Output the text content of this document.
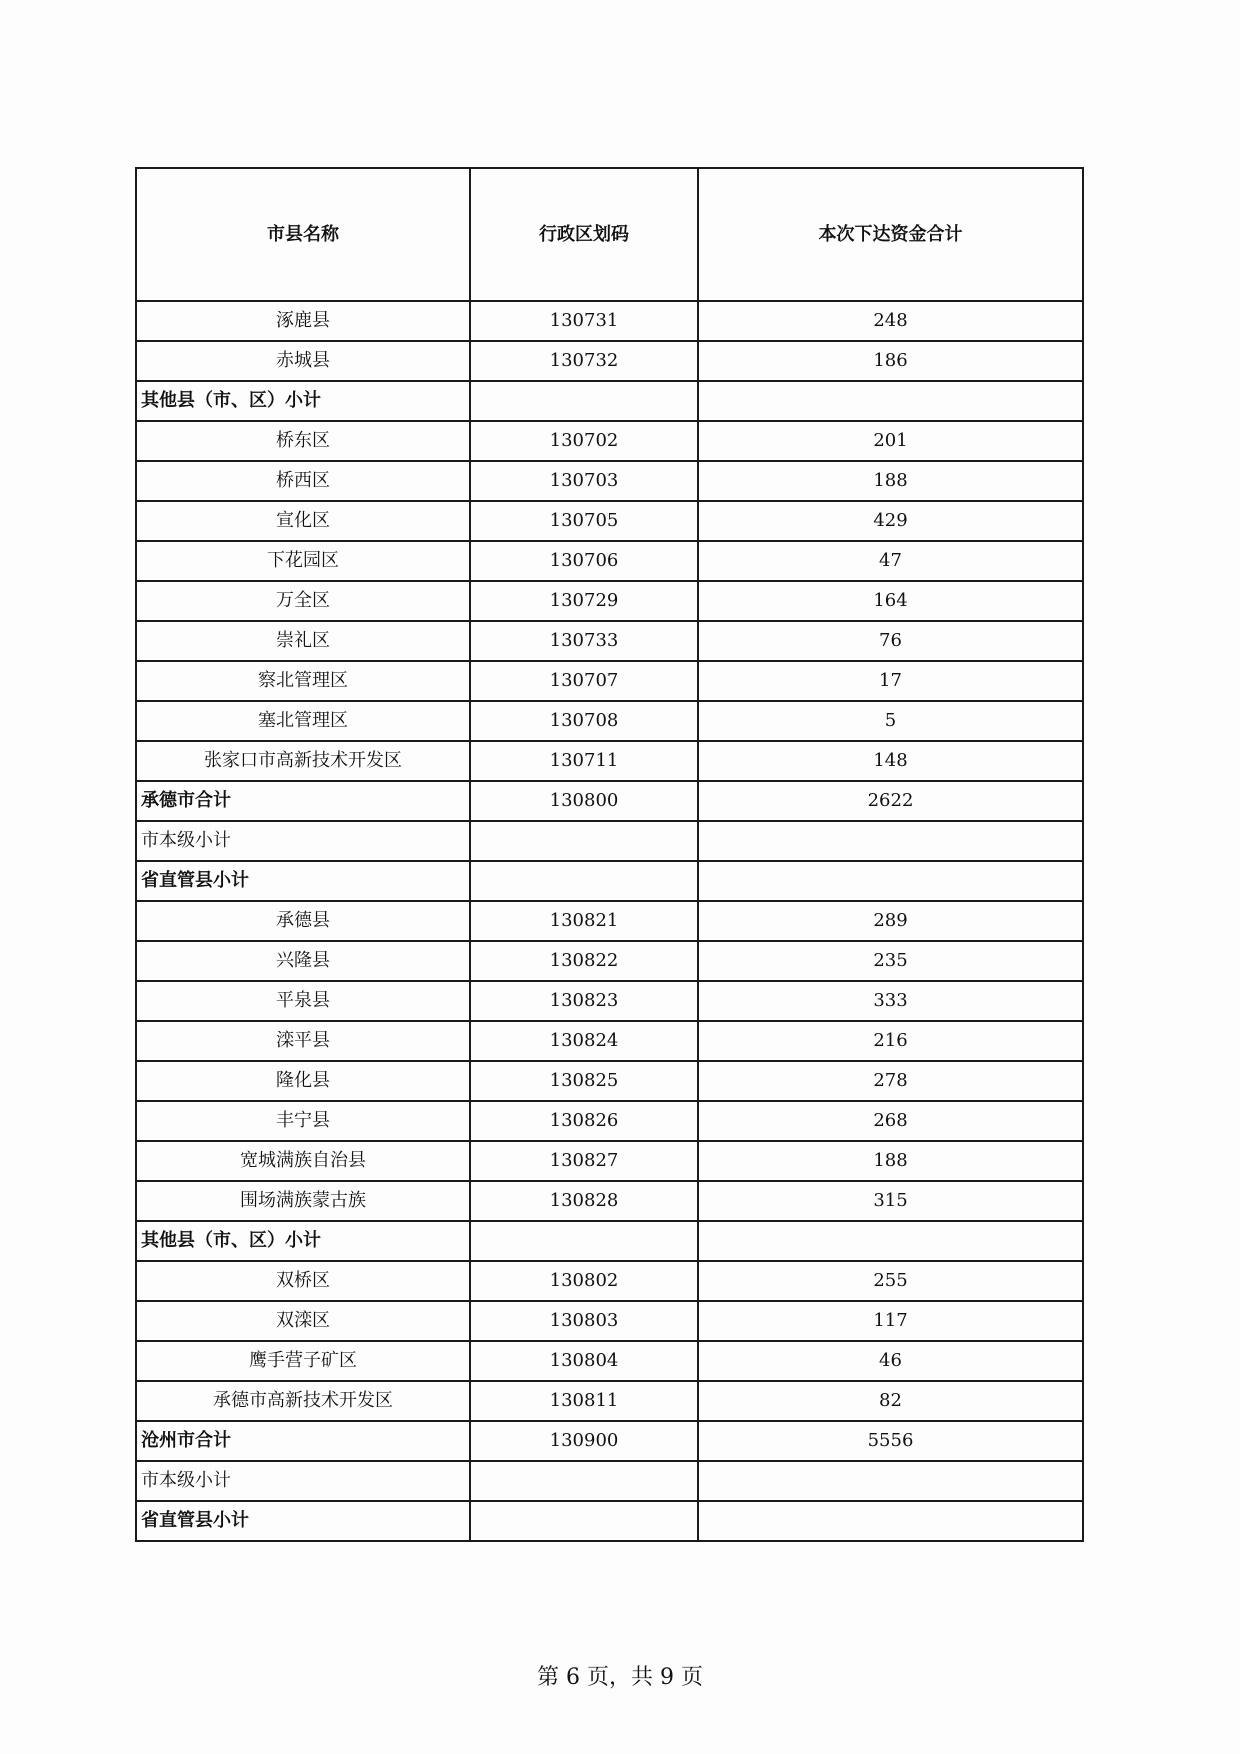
市县名称	行政区划码	本次下达资金合计
涿鹿县	130731	248
赤城县	130732	186
其他县（市、区）小计		
桥东区	130702	201
桥西区	130703	188
宣化区	130705	429
下花园区	130706	47
万全区	130729	164
崇礼区	130733	76
察北管理区	130707	17
塞北管理区	130708	5
张家口市高新技术开发区	130711	148
承德市合计	130800	2622
市本级小计		
省直管县小计		
承德县	130821	289
兴隆县	130822	235
平泉县	130823	333
滦平县	130824	216
隆化县	130825	278
丰宁县	130826	268
宽城满族自治县	130827	188
围场满族蒙古族	130828	315
其他县（市、区）小计		
双桥区	130802	255
双滦区	130803	117
鹰手营子矿区	130804	46
承德市高新技术开发区	130811	82
沧州市合计	130900	5556
市本级小计		
省直管县小计		
第 6 页，共 9 页
